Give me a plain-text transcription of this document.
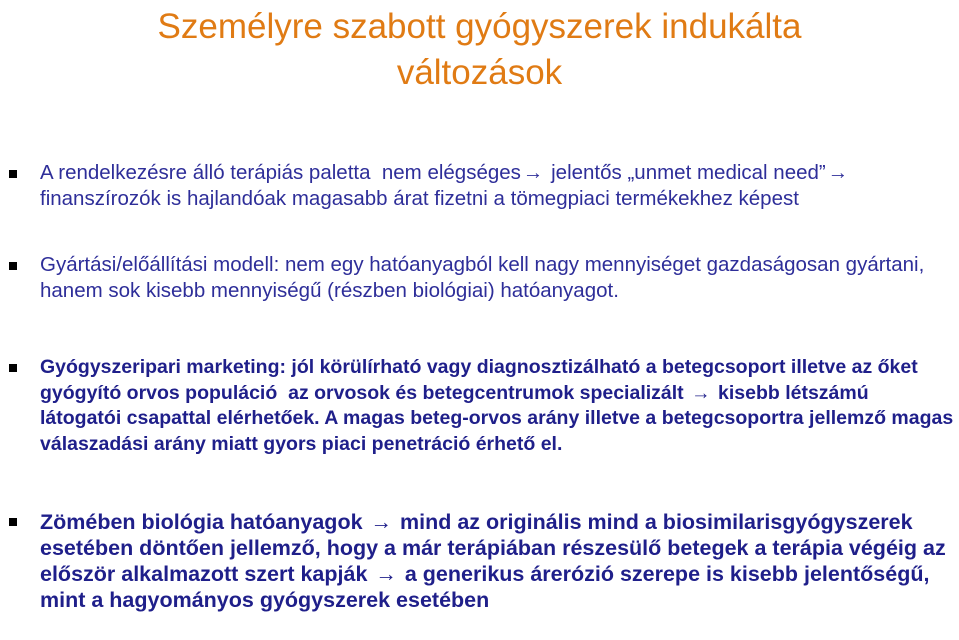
Személyre szabott gyógyszerek indukálta
változások
A rendelkezésre álló terápiás paletta  nem elégséges→ jelentős „unmet medical need”→ finanszírozók is hajlandóak magasabb árat fizetni a tömegpiaci termékekhez képest
Gyártási/előállítási modell: nem egy hatóanyagból kell nagy mennyiséget gazdaságosan gyártani, hanem sok kisebb mennyiségű (részben biológiai) hatóanyagot.
Gyógyszeripari marketing: jól körülírható vagy diagnosztizálható a betegcsoport illetve az őket gyógyító orvos populáció  az orvosok és betegcentrumok specializált → kisebb létszámú látogatói csapattal elérhetőek. A magas beteg-orvos arány illetve a betegcsoportra jellemző magas válaszadási arány miatt gyors piaci penetráció érhető el.
Zömében biológia hatóanyagok → mind az originális mind a biosimilarisgyógyszerek esetében döntően jellemző, hogy a már terápiában részesülő betegek a terápia végéig az először alkalmazott szert kapják → a generikus árerózió szerepe is kisebb jelentőségű, mint a hagyományos gyógyszerek esetében
